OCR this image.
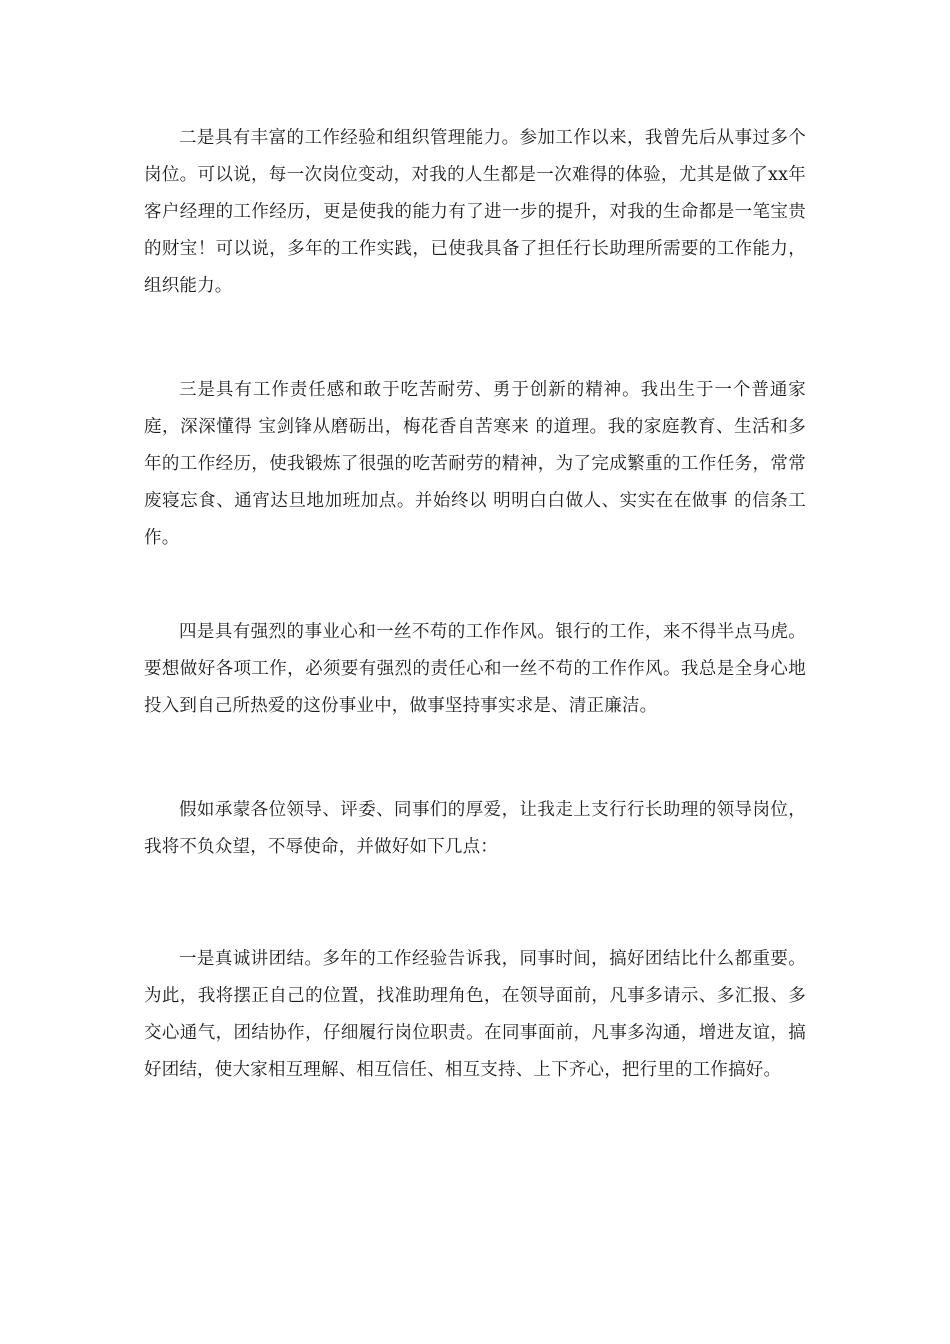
二是具有丰富的工作经验和组织管理能力。参加工作以来，我曾先后从事过多个岗位。可以说，每一次岗位变动，对我的人生都是一次难得的体验，尤其是做了xx年客户经理的工作经历，更是使我的能力有了进一步的提升，对我的生命都是一笔宝贵的财宝！可以说，多年的工作实践，已使我具备了担任行长助理所需要的工作能力，组织能力。

三是具有工作责任感和敢于吃苦耐劳、勇于创新的精神。我出生于一个普通家庭，深深懂得 宝剑锋从磨砺出，梅花香自苦寒来 的道理。我的家庭教育、生活和多年的工作经历，使我锻炼了很强的吃苦耐劳的精神，为了完成繁重的工作任务，常常废寝忘食、通宵达旦地加班加点。并始终以 明明白白做人、实实在在做事 的信条工作。

四是具有强烈的事业心和一丝不苟的工作作风。银行的工作，来不得半点马虎。要想做好各项工作，必须要有强烈的责任心和一丝不苟的工作作风。我总是全身心地投入到自己所热爱的这份事业中，做事坚持事实求是、清正廉洁。

假如承蒙各位领导、评委、同事们的厚爱，让我走上支行行长助理的领导岗位，我将不负众望，不辱使命，并做好如下几点：

一是真诚讲团结。多年的工作经验告诉我，同事时间，搞好团结比什么都重要。为此，我将摆正自己的位置，找准助理角色，在领导面前，凡事多请示、多汇报、多交心通气，团结协作，仔细履行岗位职责。在同事面前，凡事多沟通，增进友谊，搞好团结，使大家相互理解、相互信任、相互支持、上下齐心，把行里的工作搞好。
